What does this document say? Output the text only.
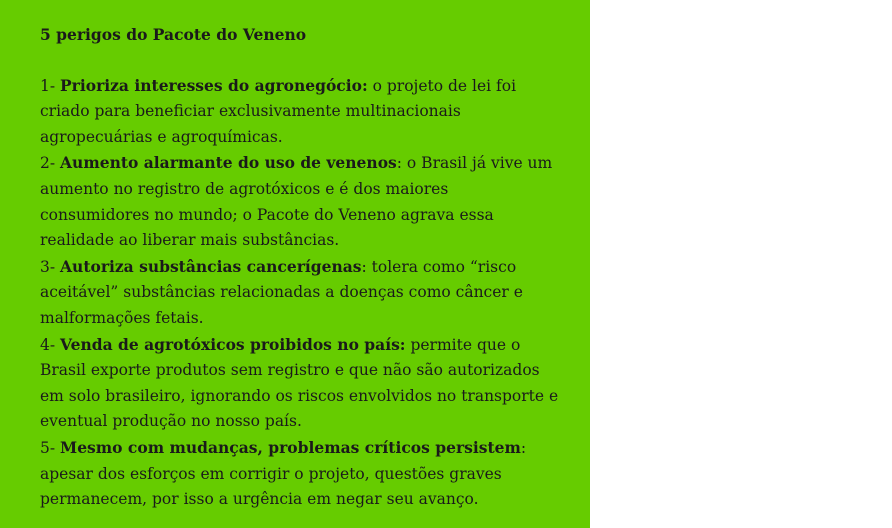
5 perigos do Pacote do Veneno

1- Prioriza interesses do agronegócio: o projeto de lei foi criado para beneficiar exclusivamente multinacionais agropecuárias e agroquímicas.

2- Aumento alarmante do uso de venenos: o Brasil já vive um aumento no registro de agrotóxicos e é dos maiores consumidores no mundo; o Pacote do Veneno agrava essa realidade ao liberar mais substâncias.

3- Autoriza substâncias cancerígenas: tolera como “risco aceitável” substâncias relacionadas a doenças como câncer e malformações fetais.

4- Venda de agrotóxicos proibidos no país: permite que o Brasil exporte produtos sem registro e que não são autorizados em solo brasileiro, ignorando os riscos envolvidos no transporte e eventual produção no nosso país.

5- Mesmo com mudanças, problemas críticos persistem: apesar dos esforços em corrigir o projeto, questões graves permanecem, por isso a urgência em negar seu avanço.
